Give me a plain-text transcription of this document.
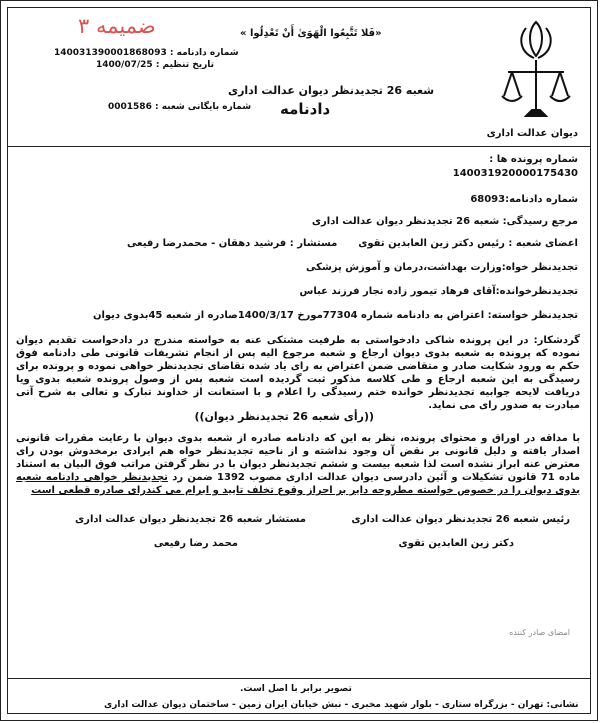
ضمیمه ۳
شماره دادنامه : 140031390001868093
تاریخ تنظیم : 1400/07/25
شماره بایگانی شعبه : 0001586
«فَلا تَتَّبِعُوا الْهَوَىٰ أَنْ تَعْدِلُوا »
شعبه 26 تجدیدنظر دیوان عدالت اداری
دادنامه
دیوان عدالت اداری
شماره پرونده ها :
140031920000175430
شماره دادنامه:68093
مرجع رسیدگی: شعبه 26 تجدیدنظر دیوان عدالت اداری
اعضای شعبه : رئیس دکتر زین العابدین تقوی      مستشار : فرشید دهقان - محمدرضا رفیعی
تجدیدنظر خواه:وزارت بهداشت،درمان و آموزش پزشکی
تجدیدنظرخوانده:آقای فرهاد تیمور زاده نجار فرزند عباس
تجدیدنظر خواسته: اعتراض به دادنامه شماره 77304مورخ 1400/3/17صادره از شعبه 45بدوی دیوان
گردشکار: در این پرونده شاکی دادخواستی به طرفیت مشتکی عنه به خواسته مندرج در دادخواست تقدیم دیوان نموده که پرونده به شعبه بدوی دیوان ارجاع و شعبه مرجوع الیه پس از انجام تشریفات قانونی طی دادنامه فوق حکم به ورود شکایت صادر و متقاضی ضمن اعتراض به رای یاد شده تقاضای تجدیدنظر خواهی نموده و پرونده برای رسیدگی به این شعبه ارجاع و طی کلاسه مذکور ثبت گردیده است شعبه پس از وصول پرونده شعبه بدوی ویا دریافت لایحه جوابیه تجدیدنظر خوانده ختم رسیدگی را اعلام و با استعانت از خداوند تبارک و تعالی به شرح آتی مبادرت به صدور رای می نماید.
((رأی شعبه 26 تجدیدنظر دیوان))
با مداقه در اوراق و محتوای پرونده، نظر به این که دادنامه صادره از شعبه بدوی دیوان با رعایت مقررات قانونی اصدار یافته و دلیل قانونی بر نقض آن وجود نداشته و از ناحیه تجدیدنظر خواه هم ایرادی برمخدوش بودن رای معترض عنه ابراز نشده است لذا شعبه بیست و ششم تجدیدنظر دیوان با در نظر گرفتن مراتب فوق البیان به استناد ماده 71 قانون تشکیلات و آئین دادرسی دیوان عدالت اداری مصوب 1392 ضمن رد تجدیدنظر خواهی دادنامه شعبه بدوی دیوان را در خصوص خواسته مطروحه دایر بر احراز وقوع تخلف تایید و ابرام می کندرای صادره قطعی است
رئیس شعبه 26 تجدیدنظر دیوان عدالت اداری
دکتر زین العابدین تقوی
مستشار شعبه 26 تجدیدنظر دیوان عدالت اداری
محمد رضا رفیعی
امضای صادر کننده
تصویر برابر با اصل است.
نشانی: تهران - بزرگراه ستاری - بلوار شهید مخبری - نبش خیابان ایران زمین - ساختمان دیوان عدالت اداری
